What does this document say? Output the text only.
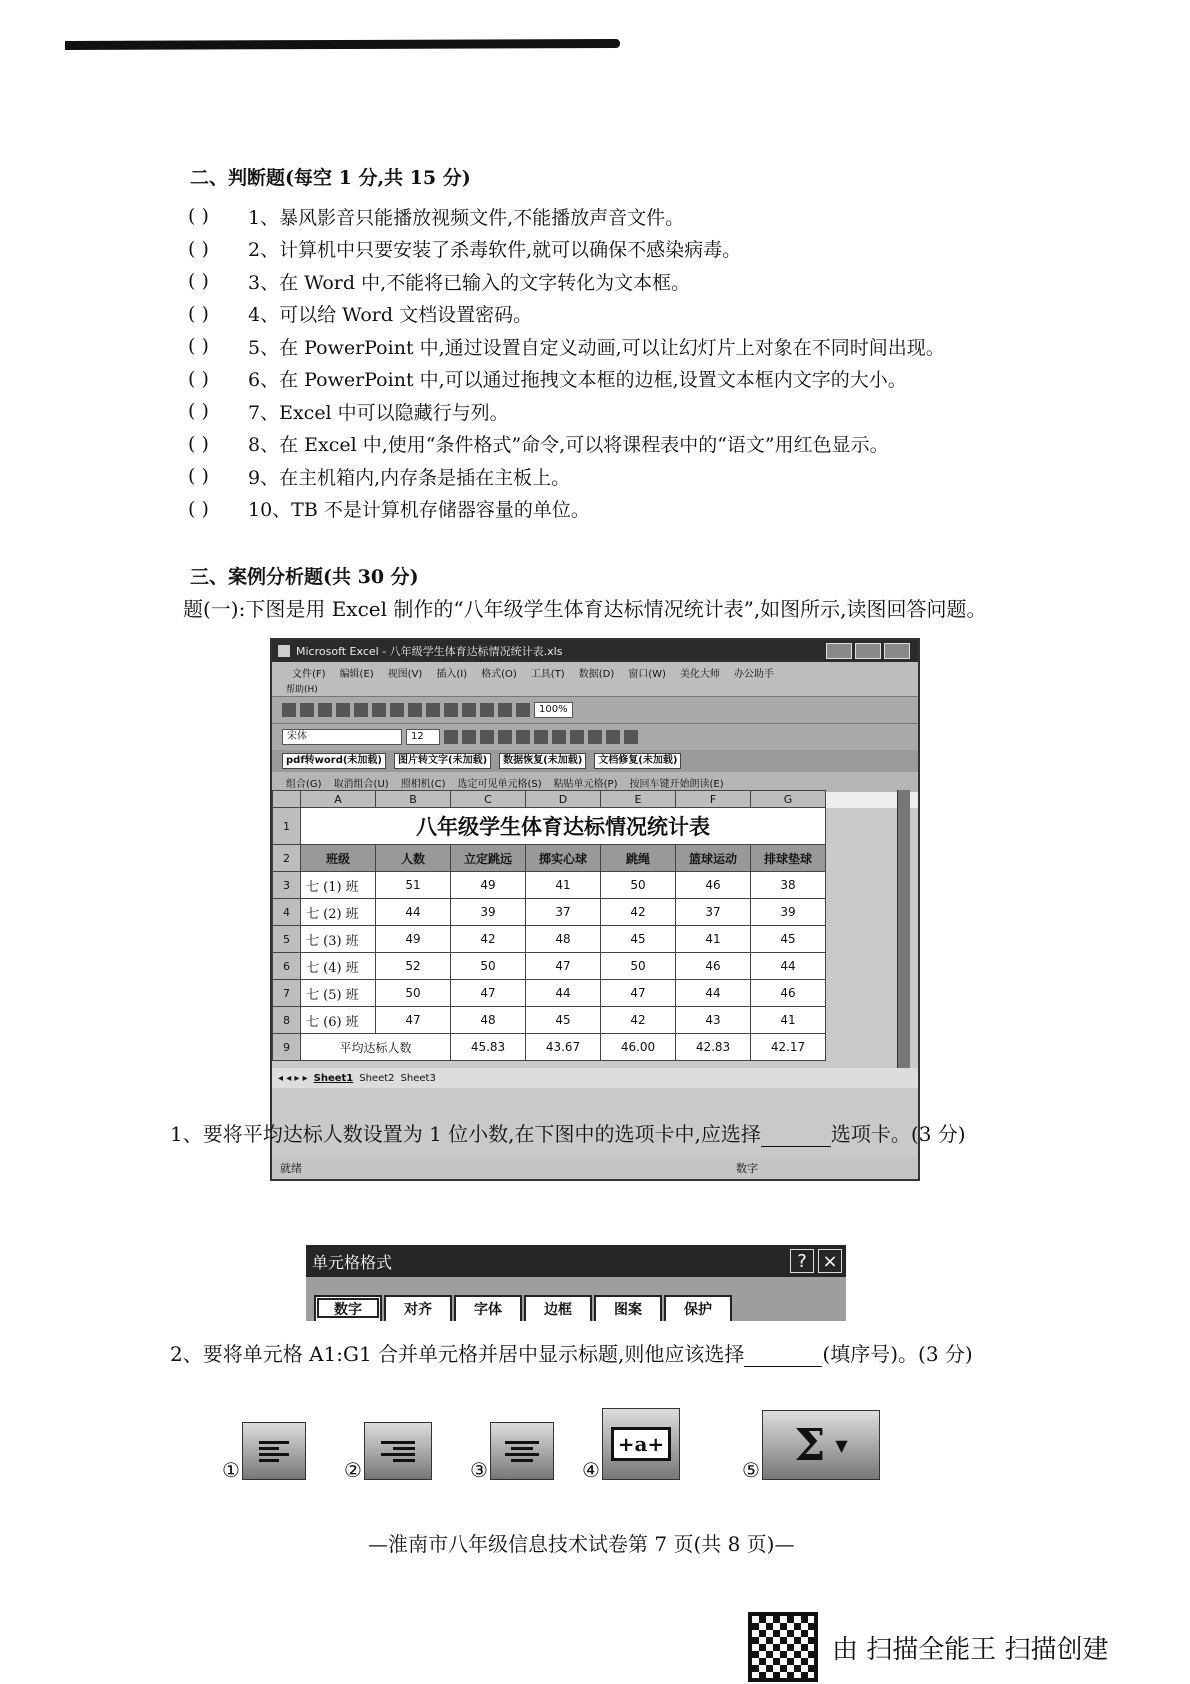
二、判断题(每空 1 分,共 15 分)
( )	1、暴风影音只能播放视频文件,不能播放声音文件。
( )	2、计算机中只要安装了杀毒软件,就可以确保不感染病毒。
( )	3、在 Word 中,不能将已输入的文字转化为文本框。
( )	4、可以给 Word 文档设置密码。
( )	5、在 PowerPoint 中,通过设置自定义动画,可以让幻灯片上对象在不同时间出现。
( )	6、在 PowerPoint 中,可以通过拖拽文本框的边框,设置文本框内文字的大小。
( )	7、Excel 中可以隐藏行与列。
( )	8、在 Excel 中,使用“条件格式”命令,可以将课程表中的“语文”用红色显示。
( )	9、在主机箱内,内存条是插在主板上。
( )	10、TB 不是计算机存储器容量的单位。
三、案例分析题(共 30 分)
题(一):下图是用 Excel 制作的“八年级学生体育达标情况统计表”,如图所示,读图回答问题。
Microsoft Excel - 八年级学生体育达标情况统计表.xls
文件(F) 编辑(E) 视图(V) 插入(I) 格式(O) 工具(T) 数据(D) 窗口(W) 美化大师 办公助手
帮助(H)
100%
宋体	12
pdf转word(未加载)	图片转文字(未加载)	数据恢复(未加载)	文档修复(未加载)
组合(G) 取消组合(U) 照相机(C) 选定可见单元格(S) 粘贴单元格(P) 按回车键开始朗读(E)
	A	B	C	D	E	F	G
1	八年级学生体育达标情况统计表						
2	班级	人数	立定跳远	掷实心球	跳绳	篮球运动	排球垫球
3	七 (1) 班	51	49	41	50	46	38
4	七 (2) 班	44	39	37	42	37	39
5	七 (3) 班	49	42	48	45	41	45
6	七 (4) 班	52	50	47	50	46	44
7	七 (5) 班	50	47	44	47	44	46
8	七 (6) 班	47	48	45	42	43	41
9	平均达标人数		45.83	43.67	46.00	42.83	42.17
◂ ◂ ▸ ▸ Sheet1 Sheet2 Sheet3
就绪	数字
1、要将平均达标人数设置为 1 位小数,在下图中的选项卡中,应选择	选项卡。(3 分)
单元格格式	? ×
数字	对齐	字体	边框	图案	保护
2、要将单元格 A1:G1 合并单元格并居中显示标题,则他应该选择	(填序号)。(3 分)
①	②	③	④
+a+
⑤ Σ ▼
—淮南市八年级信息技术试卷第 7 页(共 8 页)—
由 扫描全能王 扫描创建
